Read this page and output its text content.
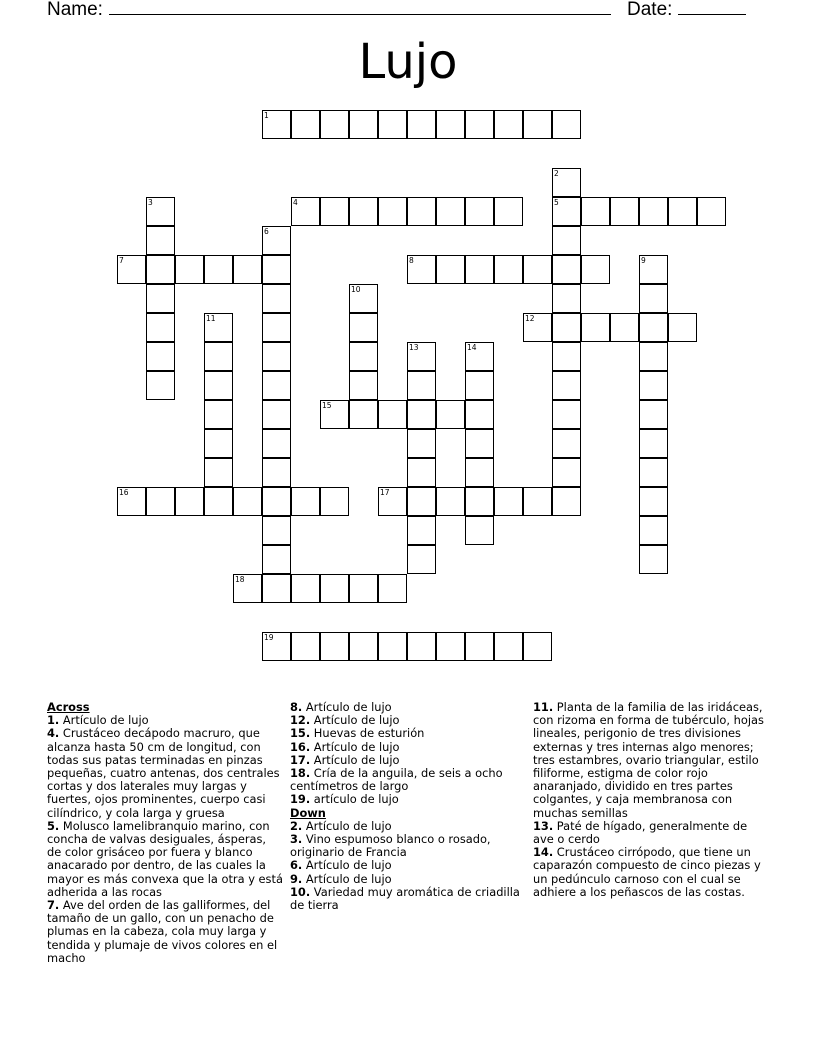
Name:	Date:
Lujo
1
2
5
3	4
6
7	8	9
10
11	12
13	14
15
16	17
18
19
Across
1. Artículo de lujo
4. Crustáceo decápodo macruro, que alcanza hasta 50 cm de longitud, con todas sus patas terminadas en pinzas pequeñas, cuatro antenas, dos centrales cortas y dos laterales muy largas y fuertes, ojos prominentes, cuerpo casi cilíndrico, y cola larga y gruesa
5. Molusco lamelibranquio marino, con concha de valvas desiguales, ásperas, de color grisáceo por fuera y blanco anacarado por dentro, de las cuales la mayor es más convexa que la otra y está adherida a las rocas
7. Ave del orden de las galliformes, del tamaño de un gallo, con un penacho de plumas en la cabeza, cola muy larga y tendida y plumaje de vivos colores en el macho
8. Artículo de lujo
12. Artículo de lujo
15. Huevas de esturión
16. Artículo de lujo
17. Artículo de lujo
18. Cría de la anguila, de seis a ocho centímetros de largo
19. artículo de lujo
Down
2. Artículo de lujo
3. Vino espumoso blanco o rosado, originario de Francia
6. Artículo de lujo
9. Artículo de lujo
10. Variedad muy aromática de criadilla de tierra
11. Planta de la familia de las iridáceas, con rizoma en forma de tubérculo, hojas lineales, perigonio de tres divisiones externas y tres internas algo menores; tres estambres, ovario triangular, estilo filiforme, estigma de color rojo anaranjado, dividido en tres partes colgantes, y caja membranosa con muchas semillas
13. Paté de hígado, generalmente de ave o cerdo
14. Crustáceo cirrópodo, que tiene un caparazón compuesto de cinco piezas y un pedúnculo carnoso con el cual se adhiere a los peñascos de las costas.
